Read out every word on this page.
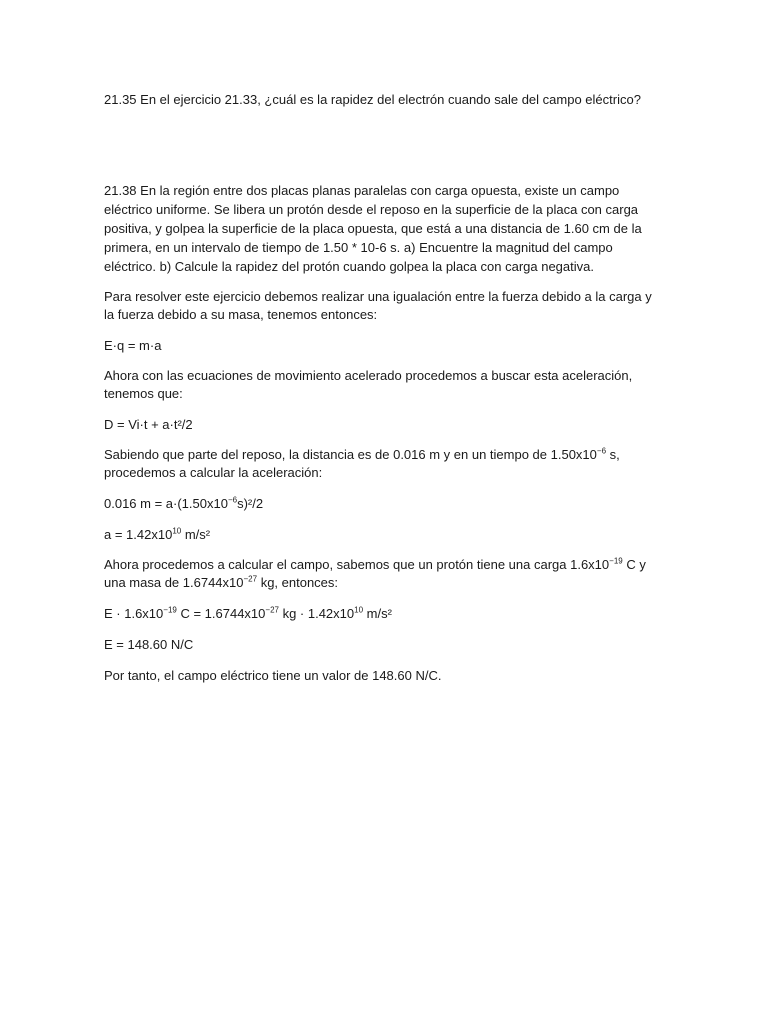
21.35 En el ejercicio 21.33, ¿cuál es la rapidez del electrón cuando sale del campo eléctrico?

21.38 En la región entre dos placas planas paralelas con carga opuesta, existe un campo eléctrico uniforme. Se libera un protón desde el reposo en la superficie de la placa con carga positiva, y golpea la superficie de la placa opuesta, que está a una distancia de 1.60 cm de la primera, en un intervalo de tiempo de 1.50 * 10-6 s. a) Encuentre la magnitud del campo eléctrico. b) Calcule la rapidez del protón cuando golpea la placa con carga negativa.

Para resolver este ejercicio debemos realizar una igualación entre la fuerza debido a la carga y la fuerza debido a su masa, tenemos entonces:

E·q = m·a

Ahora con las ecuaciones de movimiento acelerado procedemos a buscar esta aceleración, tenemos que:

D = Vi·t + a·t²/2

Sabiendo que parte del reposo, la distancia es de 0.016 m y en un tiempo de $1.50x10^{-6}$ s, procedemos a calcular la aceleración:

0.016 $m = a\cdot(1.50x10^{-6}s)^2/2$

$a = 1.42x10^{10}$ m/s²

Ahora procedemos a calcular el campo, sabemos que un protón tiene una carga $1.6x10^{-19}$ C y una masa de $1.6744x10^{-27}$ kg, entonces:

$E \cdot 1.6x10^{-19}$ $C = 1.6744x10^{-27}$ kg · $1.42x10^{10}$ m/s²

E = 148.60 N/C

Por tanto, el campo eléctrico tiene un valor de 148.60 N/C.
